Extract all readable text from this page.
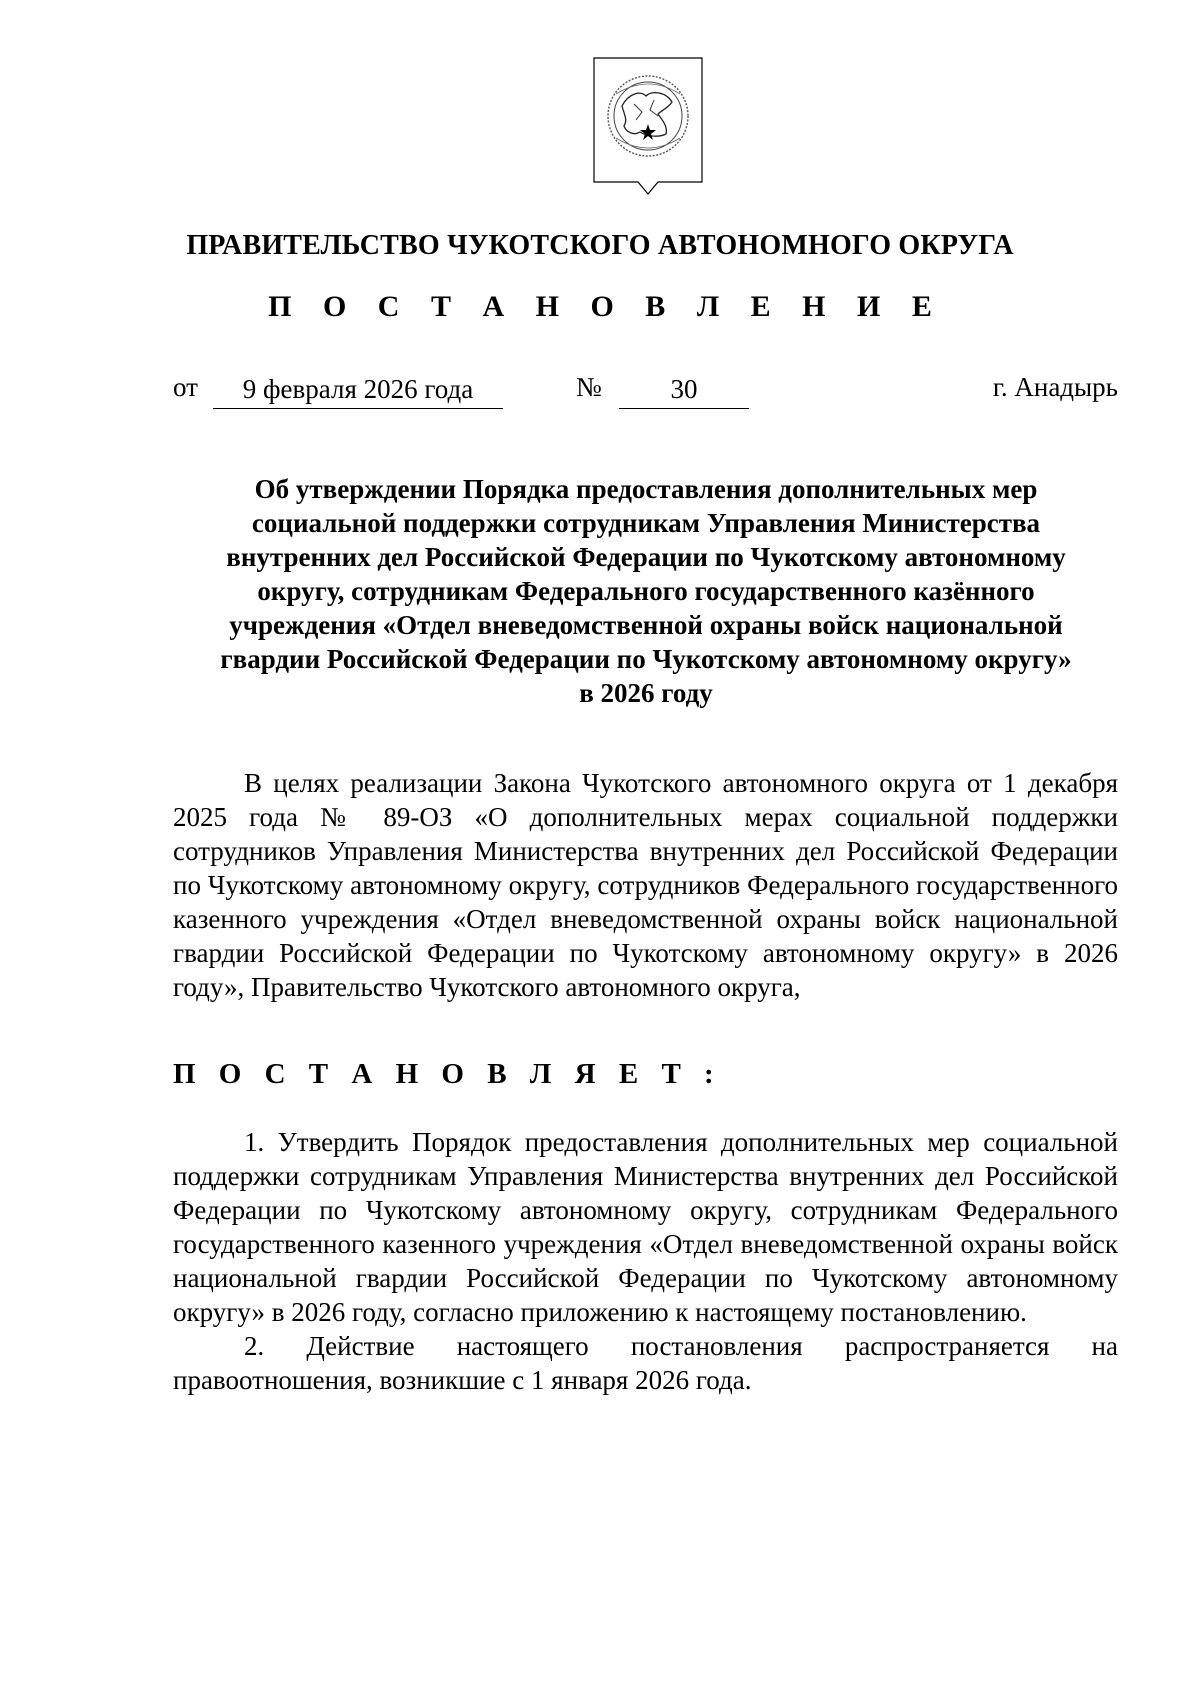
ПРАВИТЕЛЬСТВО ЧУКОТСКОГО АВТОНОМНОГО ОКРУГА
П О С Т А Н О В Л Е Н И Е
от	9 февраля 2026 года	№	30	г. Анадырь
Об утверждении Порядка предоставления дополнительных мер
социальной поддержки сотрудникам Управления Министерства
внутренних дел Российской Федерации по Чукотскому автономному
округу, сотрудникам Федерального государственного казённого
учреждения «Отдел вневедомственной охраны войск национальной
гвардии Российской Федерации по Чукотскому автономному округу»
в 2026 году

В целях реализации Закона Чукотского автономного округа от 1 декабря 2025 года № 89-ОЗ «О дополнительных мерах социальной поддержки сотрудников Управления Министерства внутренних дел Российской Федерации по Чукотскому автономному округу, сотрудников Федерального государственного казенного учреждения «Отдел вневедомственной охраны войск национальной гвардии Российской Федерации по Чукотскому автономному округу» в 2026 году», Правительство Чукотского автономного округа,

П О С Т А Н О В Л Я Е Т :

1. Утвердить Порядок предоставления дополнительных мер социальной поддержки сотрудникам Управления Министерства внутренних дел Российской Федерации по Чукотскому автономному округу, сотрудникам Федерального государственного казенного учреждения «Отдел вневедомственной охраны войск национальной гвардии Российской Федерации по Чукотскому автономному округу» в 2026 году, согласно приложению к настоящему постановлению.

2. Действие настоящего постановления распространяется на правоотношения, возникшие с 1 января 2026 года.
